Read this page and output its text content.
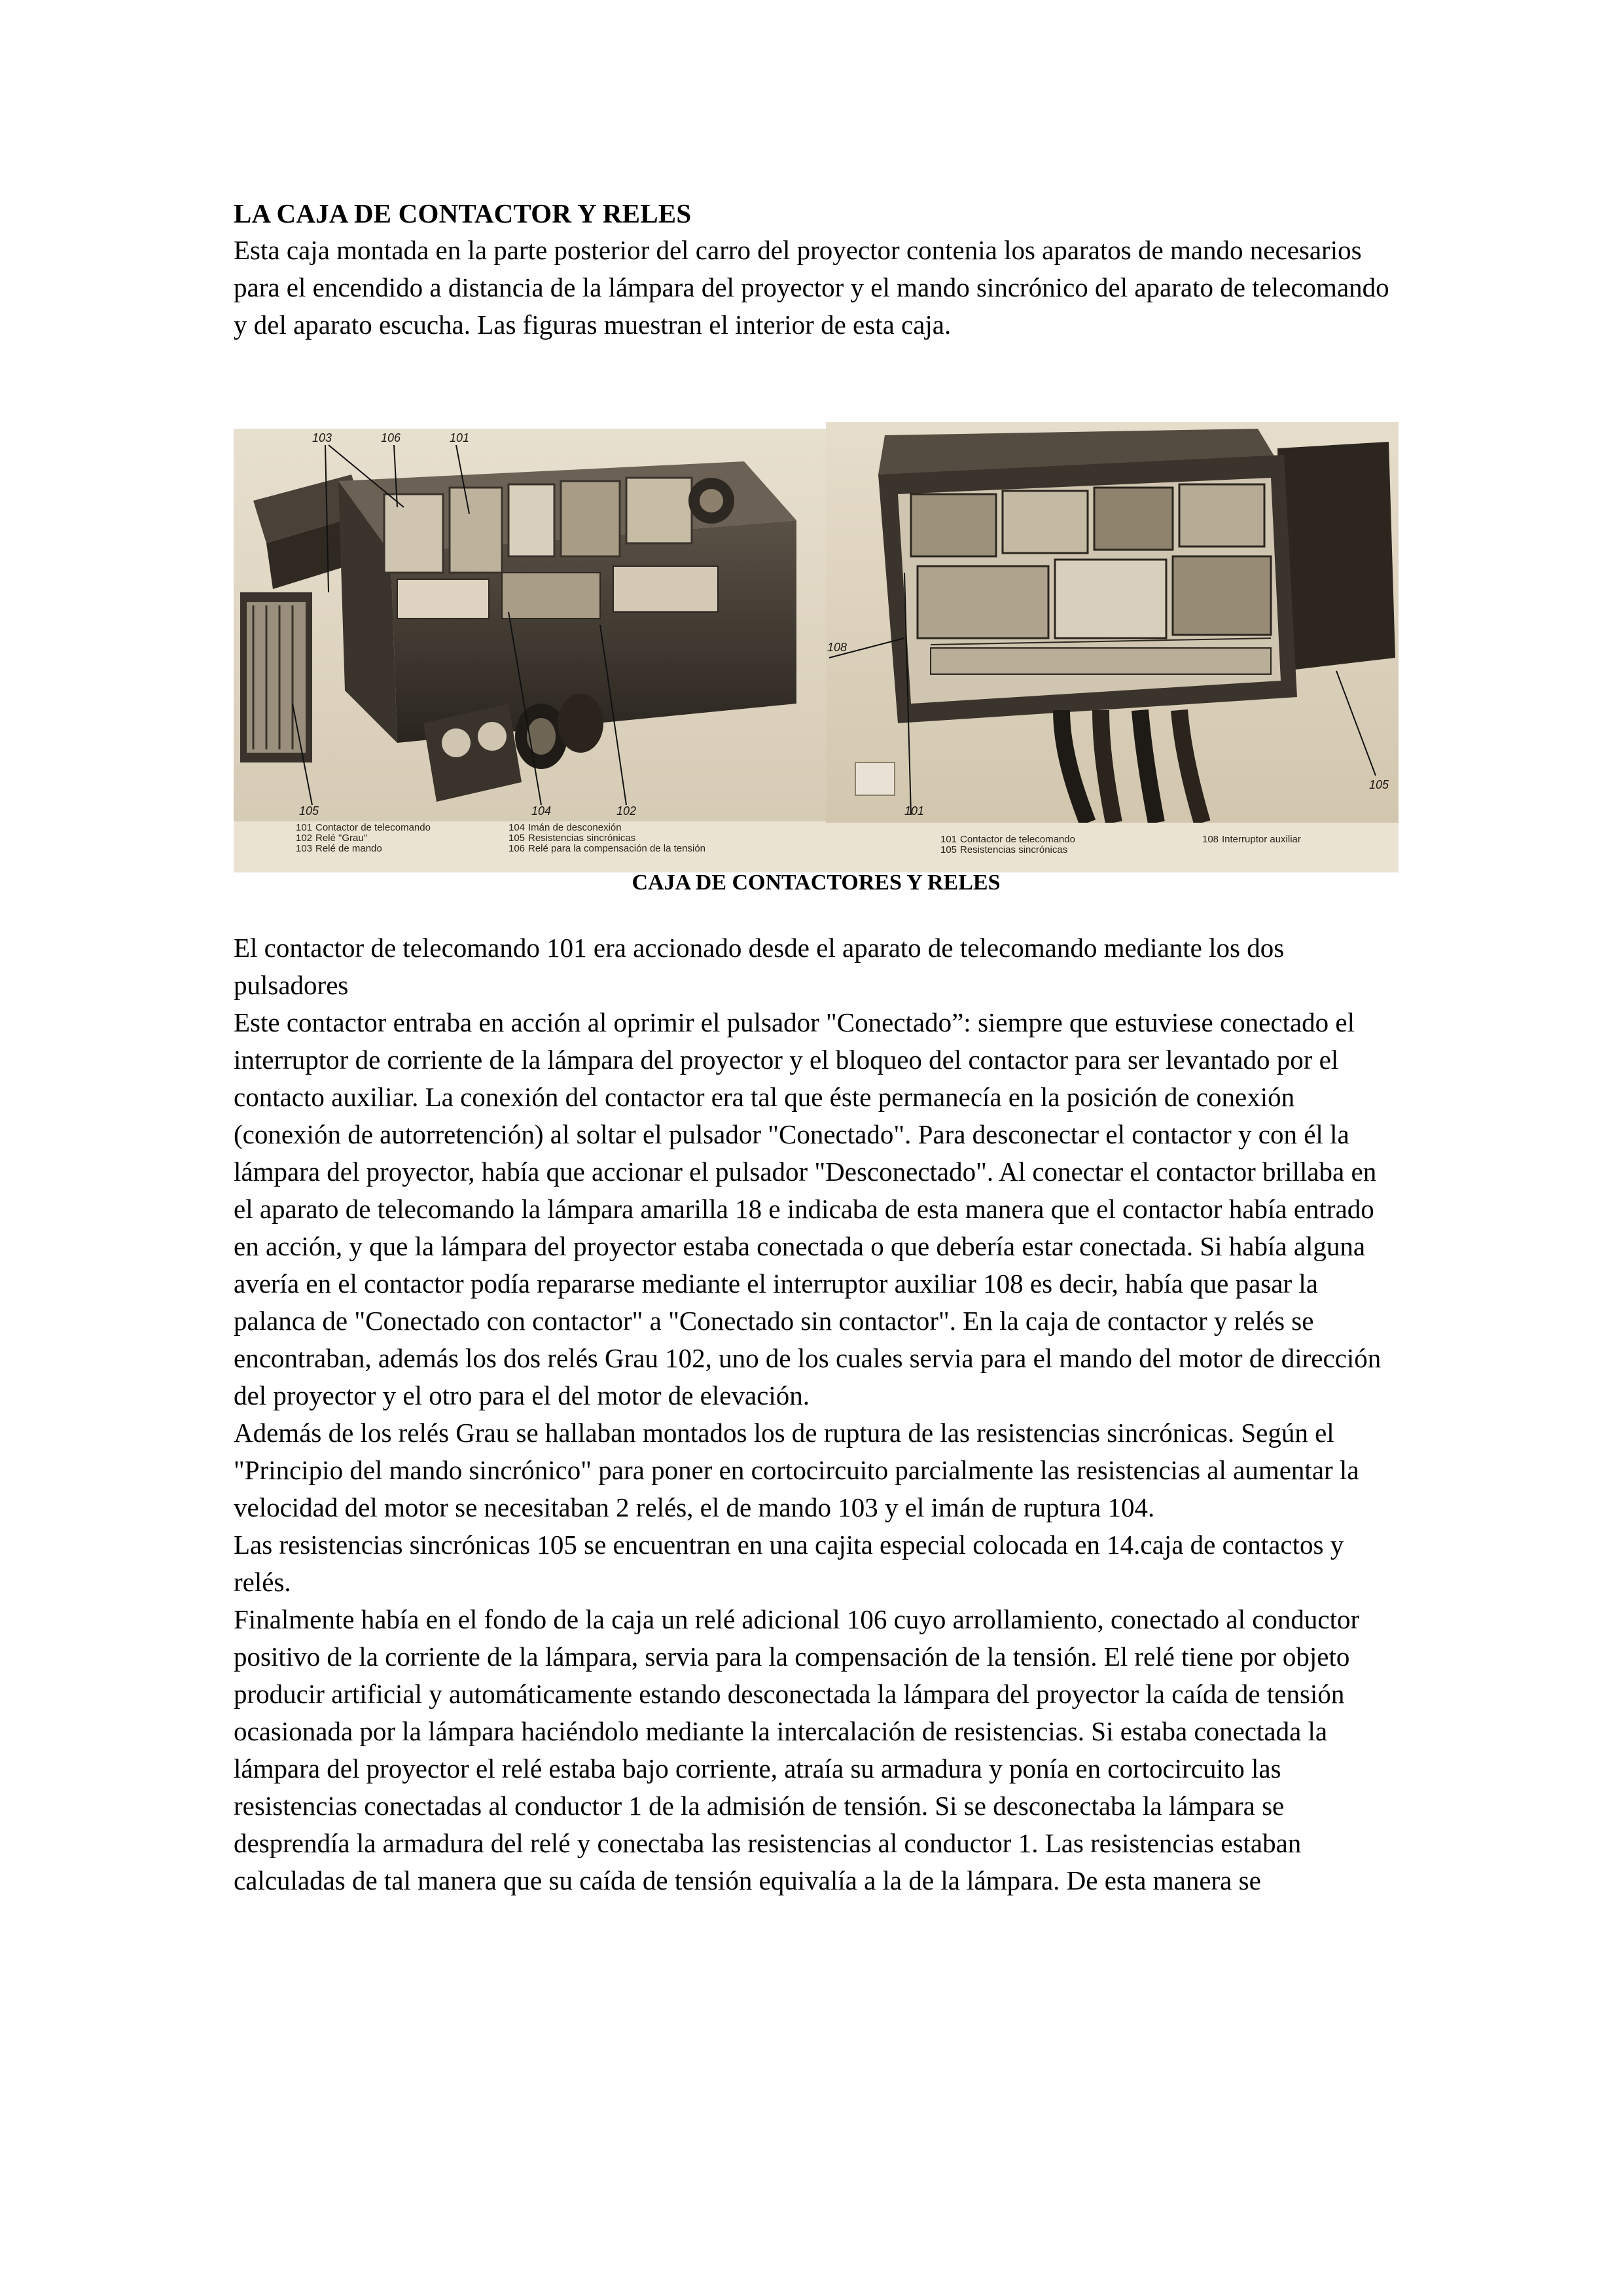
LA CAJA DE CONTACTOR Y RELES

Esta caja montada en la parte posterior del carro del proyector contenia los aparatos de mando necesarios para el encendido a distancia de la lámpara del proyector y el mando sincrónico del aparato de telecomando y del aparato escucha. Las figuras muestran el interior de esta caja.

103	106	101
105	104	102
108
101
105
101 Contactor de telecomando
102 Relé "Grau"
103 Relé de mando
104 Imán de desconexión
105 Resistencias sincrónicas
106 Relé para la compensación de la tensión
101 Contactor de telecomando
105 Resistencias sincrónicas
108 Interruptor auxiliar
CAJA DE CONTACTORES Y RELES

El contactor de telecomando 101 era accionado desde el aparato de telecomando mediante los dos pulsadores

Este contactor entraba en acción al oprimir el pulsador "Conectado”: siempre que estuviese conectado el interruptor de corriente de la lámpara del proyector y el bloqueo del contactor para ser levantado por el contacto auxiliar. La conexión del contactor era tal que éste permanecía en la posición de conexión (conexión de autorretención) al soltar el pulsador "Conectado". Para desconectar el contactor y con él la lámpara del proyector, había que accionar el pulsador "Desconectado". Al conectar el contactor brillaba en el aparato de telecomando la lámpara amarilla 18 e indicaba de esta manera que el contactor había entrado en acción, y que la lámpara del proyector estaba conectada o que debería estar conectada. Si había alguna avería en el contactor podía repararse mediante el interruptor auxiliar 108 es decir, había que pasar la palanca de "Conectado con contactor" a "Conectado sin contactor". En la caja de contactor y relés se encontraban, además los dos relés Grau 102, uno de los cuales servia para el mando del motor de dirección del proyector y el otro para el del motor de elevación.

Además de los relés Grau se hallaban montados los de ruptura de las resistencias sincrónicas. Según el "Principio del mando sincrónico" para poner en cortocircuito parcialmente las resistencias al aumentar la velocidad del motor se necesitaban 2 relés, el de mando 103 y el imán de ruptura 104.

Las resistencias sincrónicas 105 se encuentran en una cajita especial colocada en 14.caja de contactos y relés.

Finalmente había en el fondo de la caja un relé adicional 106 cuyo arrollamiento, conectado al conductor positivo de la corriente de la lámpara, servia para la compensación de la tensión. El relé tiene por objeto producir artificial y automáticamente estando desconectada la lámpara del proyector la caída de tensión ocasionada por la lámpara haciéndolo mediante la intercalación de resistencias. Si estaba conectada la lámpara del proyector el relé estaba bajo corriente, atraía su armadura y ponía en cortocircuito las resistencias conectadas al conductor 1 de la admisión de tensión. Si se desconectaba la lámpara se desprendía la armadura del relé y conectaba las resistencias al conductor 1. Las resistencias estaban calculadas de tal manera que su caída de tensión equivalía a la de la lámpara. De esta manera se
